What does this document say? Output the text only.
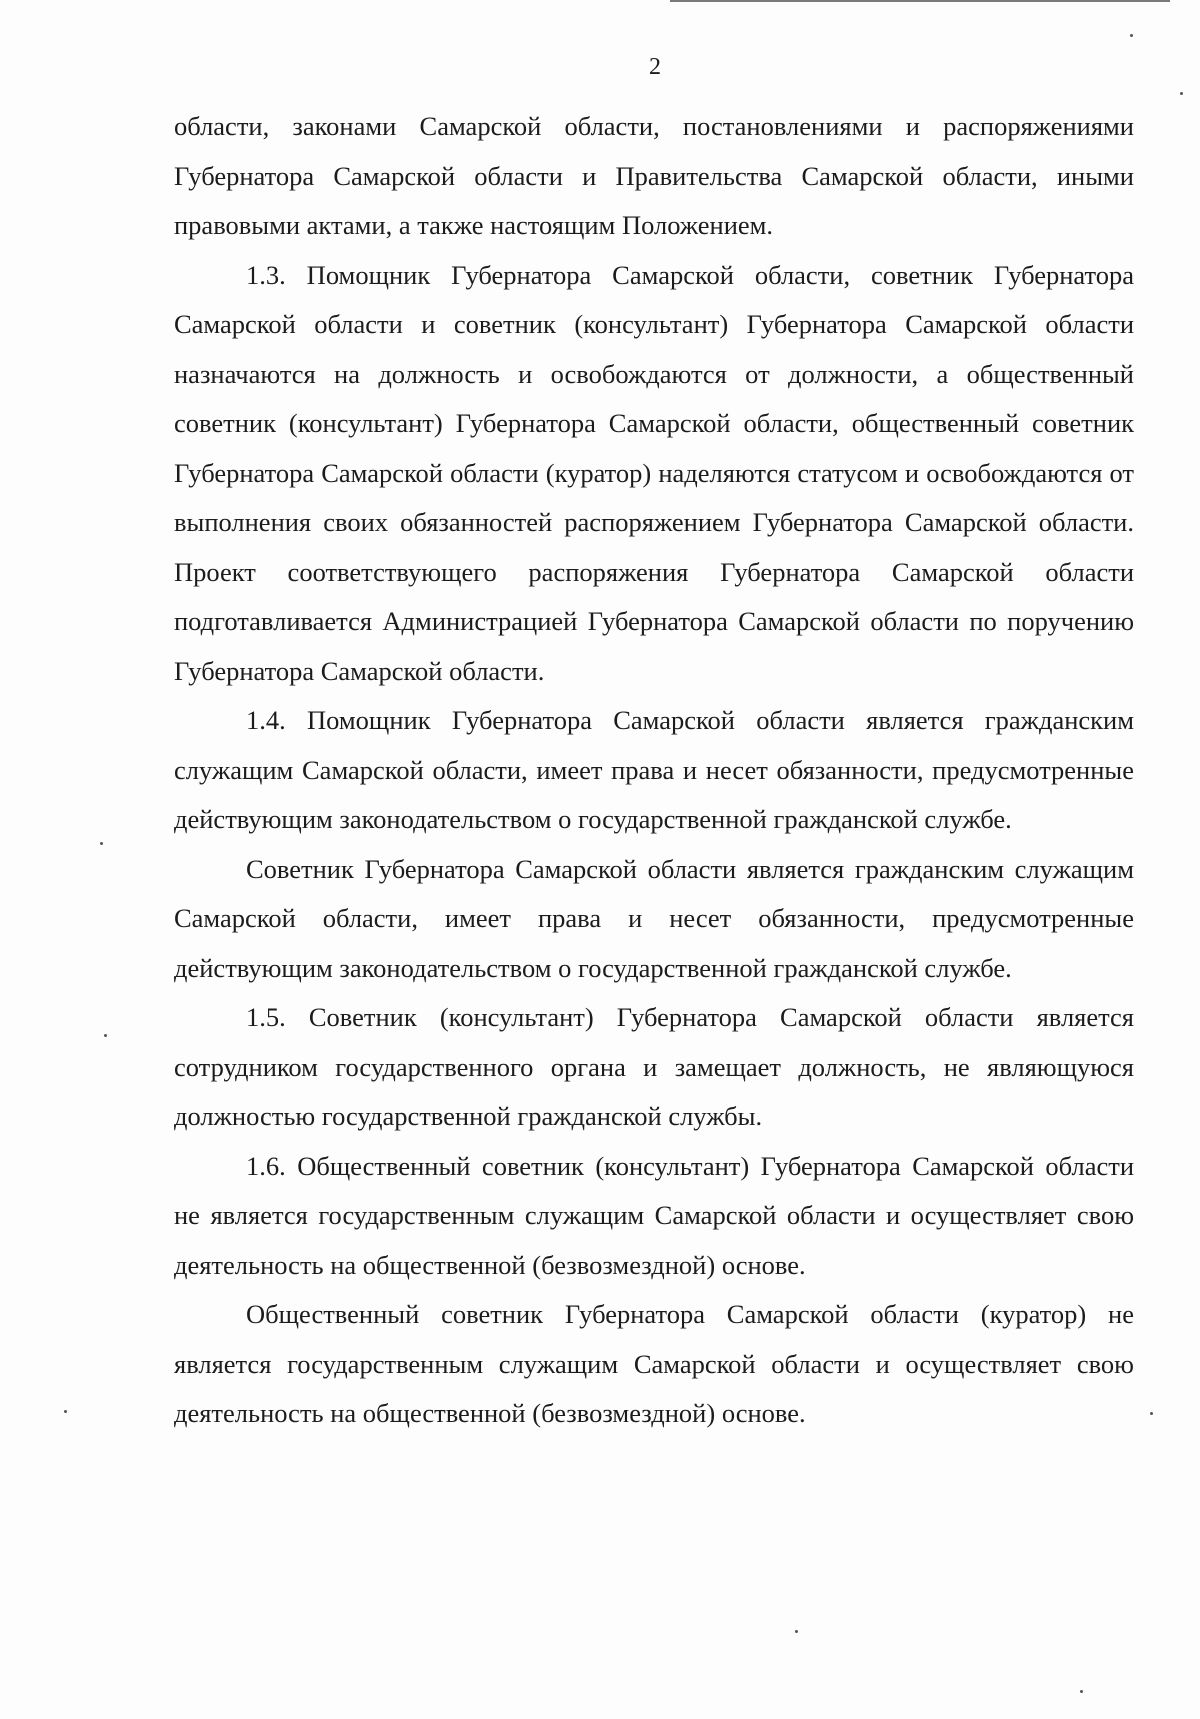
2

области, законами Самарской области, постановлениями и распоряжениями Губернатора Самарской области и Правительства Самарской области, иными правовыми актами, а также настоящим Положением.

1.3. Помощник Губернатора Самарской области, советник Губернатора Самарской области и советник (консультант) Губернатора Самарской области назначаются на должность и освобождаются от должности, а общественный советник (консультант) Губернатора Самарской области, общественный советник Губернатора Самарской области (куратор) наделяются статусом и освобождаются от выполнения своих обязанностей распоряжением Губернатора Самарской области. Проект соответствующего распоряжения Губернатора Самарской области подготавливается Администрацией Губернатора Самарской области по поручению Губернатора Самарской области.

1.4. Помощник Губернатора Самарской области является гражданским служащим Самарской области, имеет права и несет обязанности, предусмотренные действующим законодательством о государственной гражданской службе.

Советник Губернатора Самарской области является гражданским служащим Самарской области, имеет права и несет обязанности, предусмотренные действующим законодательством о государственной гражданской службе.

1.5. Советник (консультант) Губернатора Самарской области является сотрудником государственного органа и замещает должность, не являющуюся должностью государственной гражданской службы.

1.6. Общественный советник (консультант) Губернатора Самарской области не является государственным служащим Самарской области и осуществляет свою деятельность на общественной (безвозмездной) основе.

Общественный советник Губернатора Самарской области (куратор) не является государственным служащим Самарской области и осуществляет свою деятельность на общественной (безвозмездной) основе.
